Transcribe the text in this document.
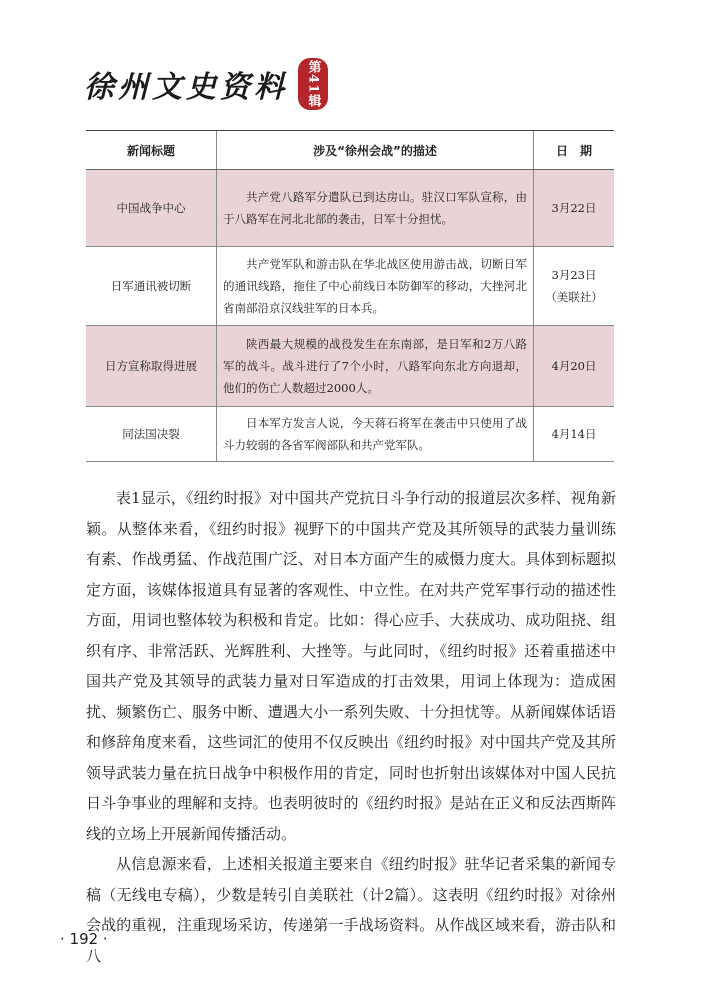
徐州文史资料	第41辑
新闻标题	涉及“徐州会战”的描述	日　期
中国战争中心	共产党八路军分遣队已到达房山。驻汉口军队宣称，由于八路军在河北北部的袭击，日军十分担忧。	3月22日

日军通讯被切断	共产党军队和游击队在华北战区使用游击战，切断日军的通讯线路，拖住了中心前线日本防御军的移动，大挫河北省南部沿京汉线驻军的日本兵。	3月23日
（美联社）

日方宣称取得进展	陕西最大规模的战役发生在东南部，是日军和2万八路军的战斗。战斗进行了7个小时，八路军向东北方向退却，他们的伤亡人数超过2000人。	4月20日

同法国决裂	日本军方发言人说，今天蒋石将军在袭击中只使用了战斗力较弱的各省军阀部队和共产党军队。	4月14日

表1显示，《纽约时报》对中国共产党抗日斗争行动的报道层次多样、视角新颖。从整体来看，《纽约时报》视野下的中国共产党及其所领导的武装力量训练有素、作战勇猛、作战范围广泛、对日本方面产生的威慑力度大。具体到标题拟定方面，该媒体报道具有显著的客观性、中立性。在对共产党军事行动的描述性方面，用词也整体较为积极和肯定。比如：得心应手、大获成功、成功阻挠、组织有序、非常活跃、光辉胜利、大挫等。与此同时，《纽约时报》还着重描述中国共产党及其领导的武装力量对日军造成的打击效果，用词上体现为：造成困扰、频繁伤亡、服务中断、遭遇大小一系列失败、十分担忧等。从新闻媒体话语和修辞角度来看，这些词汇的使用不仅反映出《纽约时报》对中国共产党及其所领导武装力量在抗日战争中积极作用的肯定，同时也折射出该媒体对中国人民抗日斗争事业的理解和支持。也表明彼时的《纽约时报》是站在正义和反法西斯阵线的立场上开展新闻传播活动。

从信息源来看，上述相关报道主要来自《纽约时报》驻华记者采集的新闻专稿（无线电专稿），少数是转引自美联社（计2篇）。这表明《纽约时报》对徐州会战的重视，注重现场采访，传递第一手战场资料。从作战区域来看，游击队和八

· 192 ·
